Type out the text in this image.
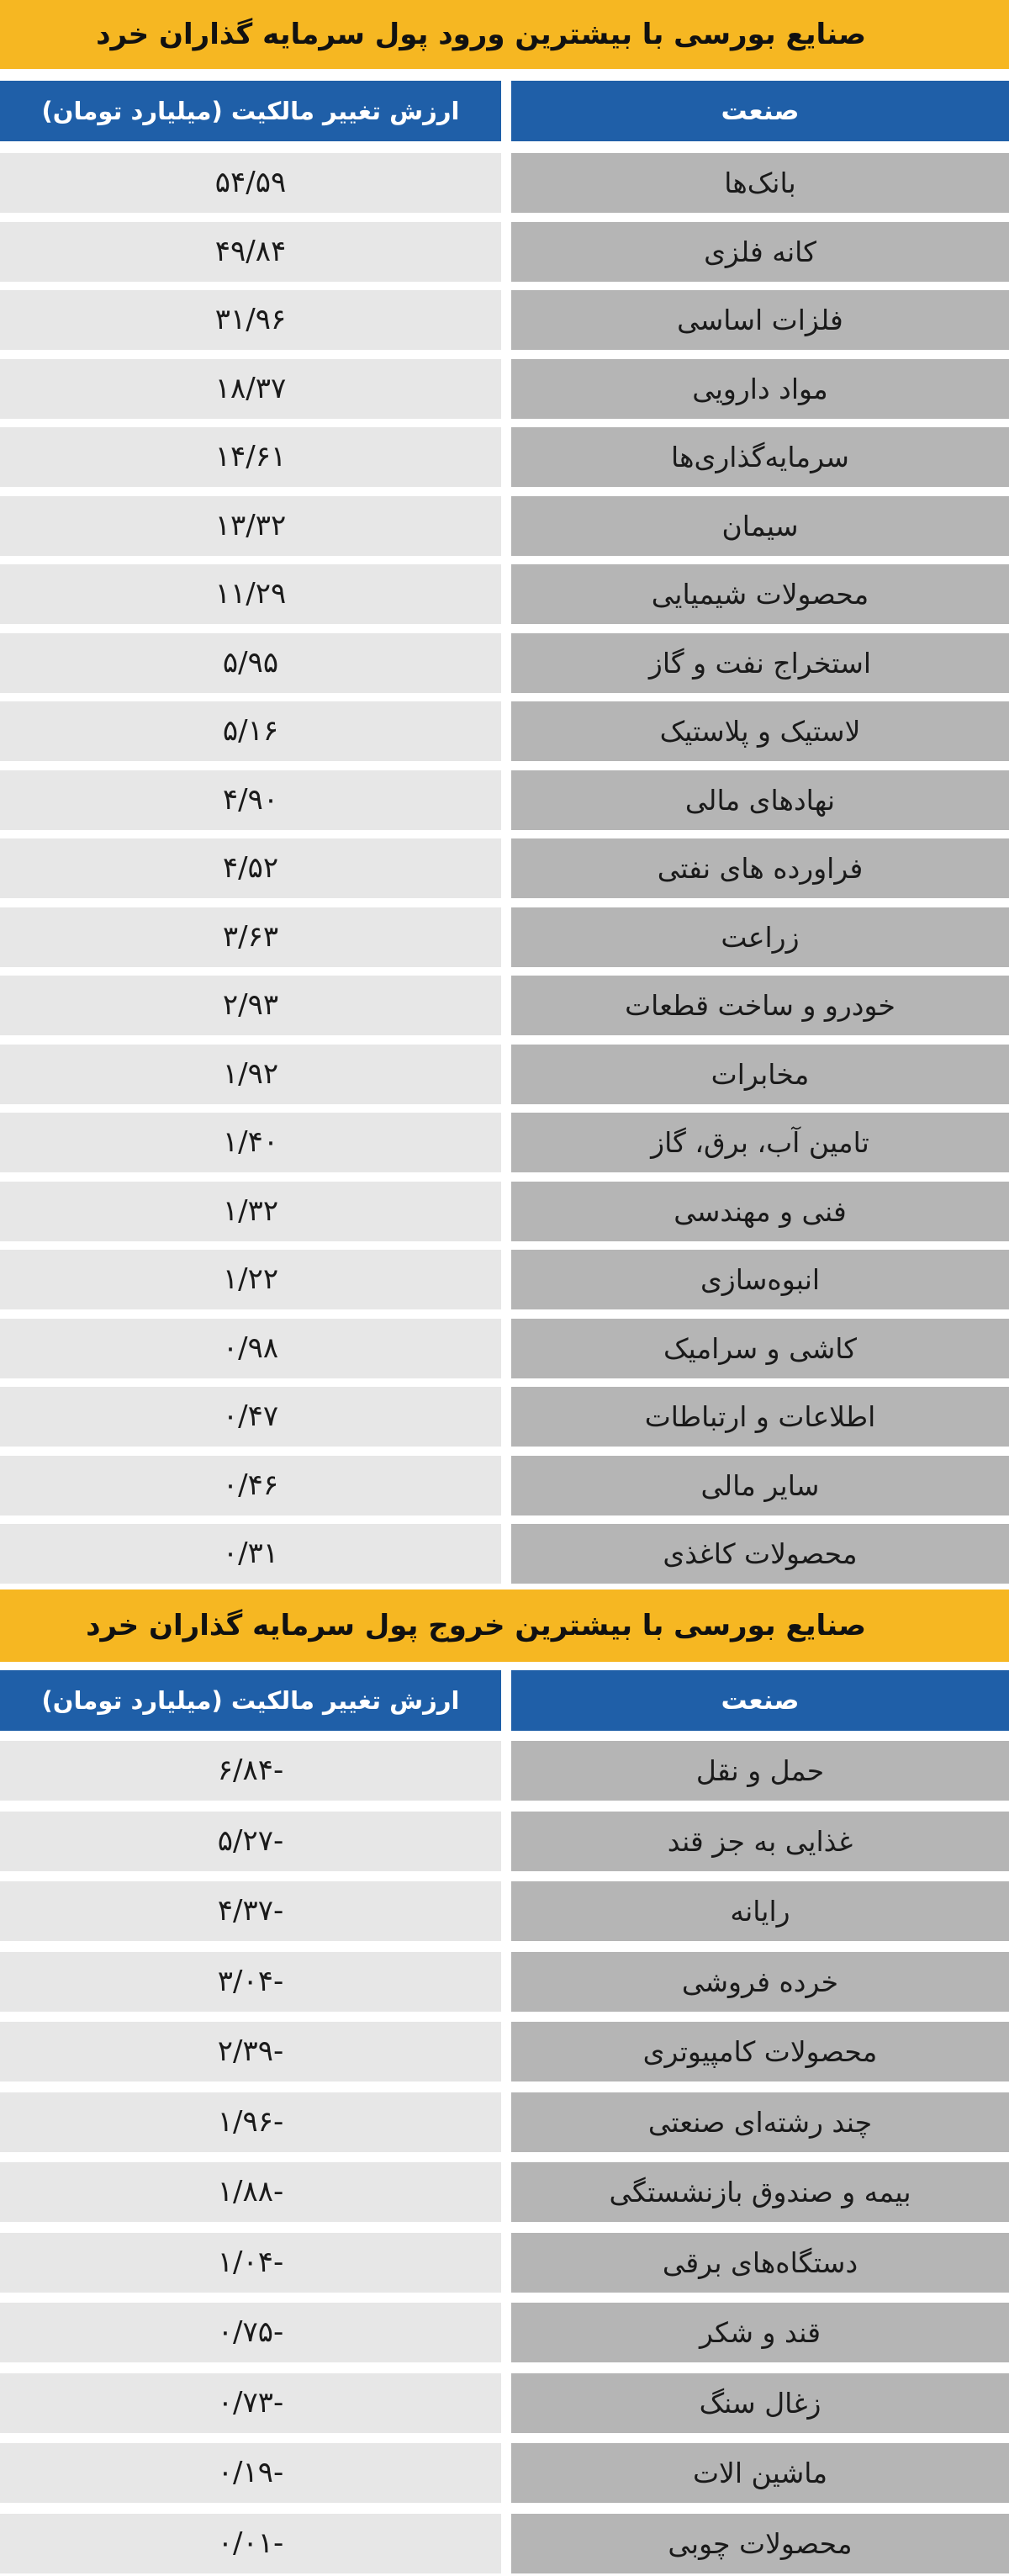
صنایع بورسی با بیشترین ورود پول سرمایه گذاران خرد
صنعت
ارزش تغییر مالکیت (میلیارد تومان)
بانک‌ها
۵۴/۵۹
کانه فلزی
۴۹/۸۴
فلزات اساسی
۳۱/۹۶
مواد دارویی
۱۸/۳۷
سرمایه‌گذاری‌ها
۱۴/۶۱
سیمان
۱۳/۳۲
محصولات شیمیایی
۱۱/۲۹
استخراج نفت و گاز
۵/۹۵
لاستیک و پلاستیک
۵/۱۶
نهادهای مالی
۴/۹۰
فراورده های نفتی
۴/۵۲
زراعت
۳/۶۳
خودرو و ساخت قطعات
۲/۹۳
مخابرات
۱/۹۲
تامین آب، برق، گاز
۱/۴۰
فنی و مهندسی
۱/۳۲
انبوه‌سازی
۱/۲۲
کاشی و سرامیک
۰/۹۸
اطلاعات و ارتباطات
۰/۴۷
سایر مالی
۰/۴۶
محصولات کاغذی
۰/۳۱
صنایع بورسی با بیشترین خروج پول سرمایه گذاران خرد
صنعت
ارزش تغییر مالکیت (میلیارد تومان)
حمل و نقل
-۶/۸۴
غذایی به جز قند
-۵/۲۷
رایانه
-۴/۳۷
خرده فروشی
-۳/۰۴
محصولات کامپیوتری
-۲/۳۹
چند رشته‌ای صنعتی
-۱/۹۶
بیمه و صندوق بازنشستگی
-۱/۸۸
دستگاه‌های برقی
-۱/۰۴
قند و شکر
-۰/۷۵
زغال سنگ
-۰/۷۳
ماشین الات
-۰/۱۹
محصولات چوبی
-۰/۰۱
